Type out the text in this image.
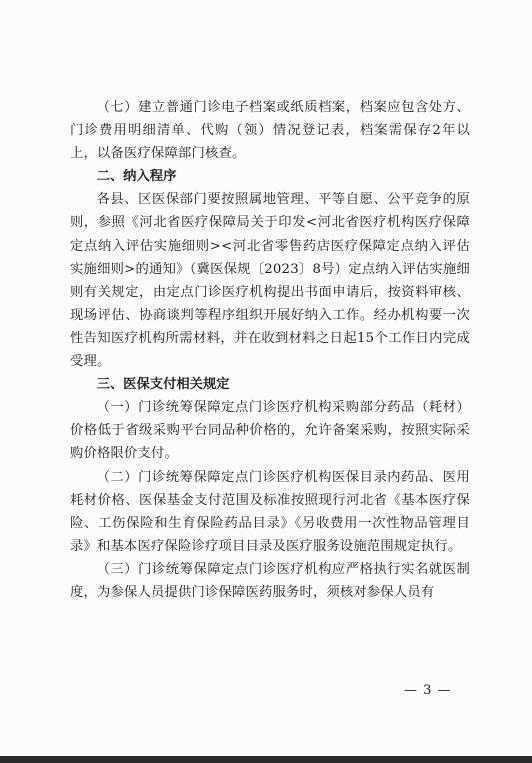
（七）建立普通门诊电子档案或纸质档案，档案应包含处方、门诊费用明细清单、代购（领）情况登记表，档案需保存2年以上，以备医疗保障部门核查。

二、纳入程序

各县、区医保部门要按照属地管理、平等自愿、公平竞争的原则，参照《河北省医疗保障局关于印发<河北省医疗机构医疗保障定点纳入评估实施细则><河北省零售药店医疗保障定点纳入评估实施细则>的通知》（冀医保规〔2023〕8号）定点纳入评估实施细则有关规定，由定点门诊医疗机构提出书面申请后，按资料审核、现场评估、协商谈判等程序组织开展好纳入工作。经办机构要一次性告知医疗机构所需材料，并在收到材料之日起15个工作日内完成受理。

三、医保支付相关规定

（一）门诊统筹保障定点门诊医疗机构采购部分药品（耗材）价格低于省级采购平台同品种价格的，允许备案采购，按照实际采购价格限价支付。

（二）门诊统筹保障定点门诊医疗机构医保目录内药品、医用耗材价格、医保基金支付范围及标准按照现行河北省《基本医疗保险、工伤保险和生育保险药品目录》《另收费用一次性物品管理目录》和基本医疗保险诊疗项目目录及医疗服务设施范围规定执行。

（三）门诊统筹保障定点门诊医疗机构应严格执行实名就医制度，为参保人员提供门诊保障医药服务时，须核对参保人员有

— 3 —
